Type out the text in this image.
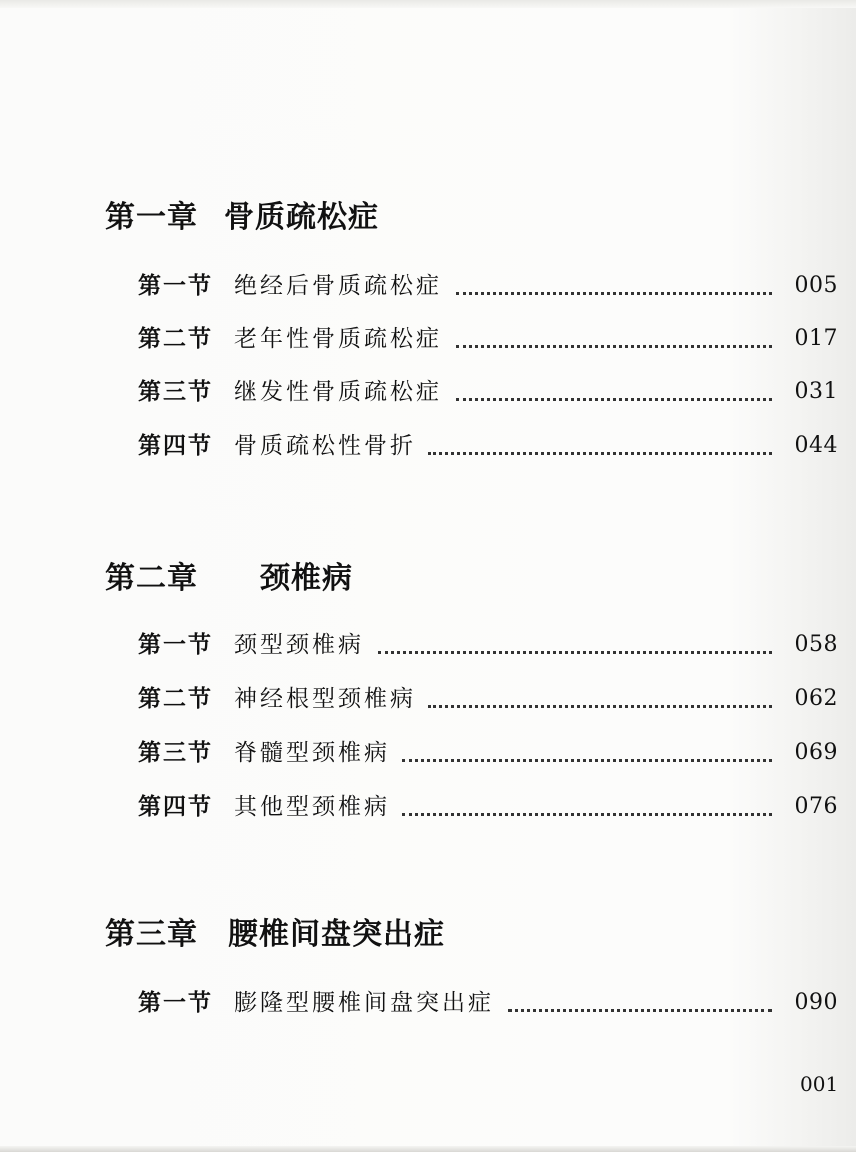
第一章 骨质疏松症
第一节 绝经后骨质疏松症	005
第二节 老年性骨质疏松症	017
第三节 继发性骨质疏松症	031
第四节 骨质疏松性骨折	044
第二章 颈椎病
第一节 颈型颈椎病	058
第二节 神经根型颈椎病	062
第三节 脊髓型颈椎病	069
第四节 其他型颈椎病	076
第三章 腰椎间盘突出症
第一节 膨隆型腰椎间盘突出症	090
001
